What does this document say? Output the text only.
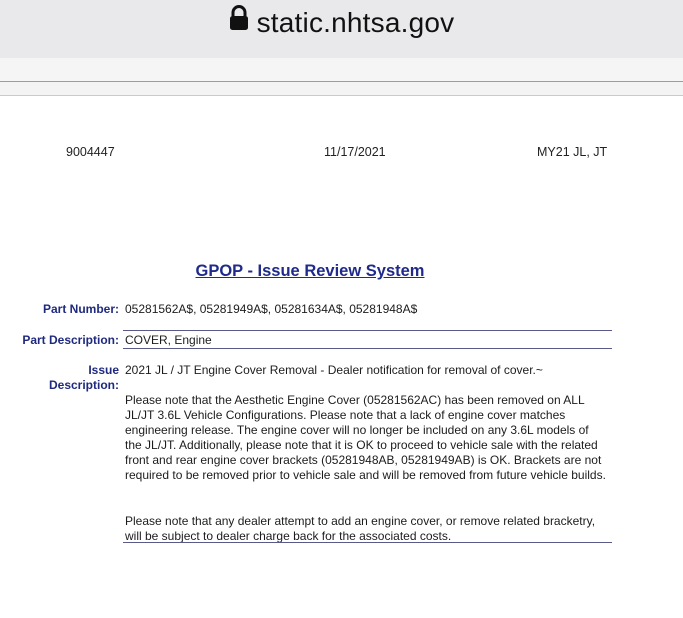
static.nhtsa.gov
9004447	11/17/2021	MY21 JL, JT
GPOP - Issue Review System
Part Number: 05281562A$, 05281949A$, 05281634A$, 05281948A$
Part Description: COVER, Engine
Issue
Description:
2021 JL / JT Engine Cover Removal - Dealer notification for removal of cover.~
Please note that the Aesthetic Engine Cover (05281562AC) has been removed on ALL JL/JT 3.6L Vehicle Configurations. Please note that a lack of engine cover matches engineering release. The engine cover will no longer be included on any 3.6L models of the JL/JT. Additionally, please note that it is OK to proceed to vehicle sale with the related front and rear engine cover brackets (05281948AB, 05281949AB) is OK. Brackets are not required to be removed prior to vehicle sale and will be removed from future vehicle builds.
Please note that any dealer attempt to add an engine cover, or remove related bracketry, will be subject to dealer charge back for the associated costs.
